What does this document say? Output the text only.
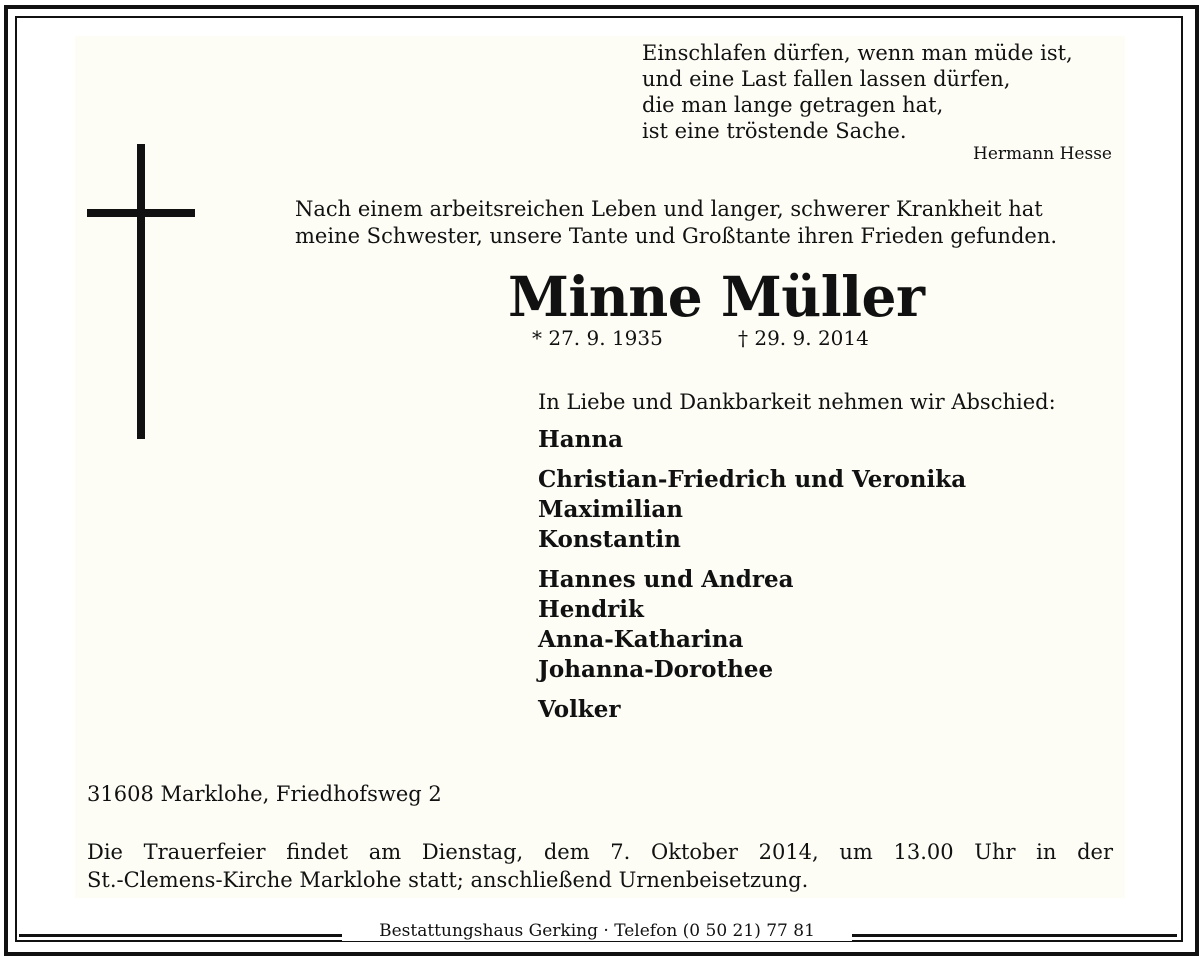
Einschlafen dürfen, wenn man müde ist,
und eine Last fallen lassen dürfen,
die man lange getragen hat,
ist eine tröstende Sache.
Hermann Hesse
Nach einem arbeitsreichen Leben und langer, schwerer Krankheit hat
meine Schwester, unsere Tante und Großtante ihren Frieden gefunden.
Minne Müller
* 27. 9. 1935	† 29. 9. 2014
In Liebe und Dankbarkeit nehmen wir Abschied:
Hanna
Christian-Friedrich und Veronika
Maximilian
Konstantin
Hannes und Andrea
Hendrik
Anna-Katharina
Johanna-Dorothee
Volker
31608 Marklohe, Friedhofsweg 2
Die Trauerfeier findet am Dienstag, dem 7. Oktober 2014, um 13.00 Uhr in der
St.-Clemens-Kirche Marklohe statt; anschließend Urnenbeisetzung.
Bestattungshaus Gerking · Telefon (0 50 21) 77 81
